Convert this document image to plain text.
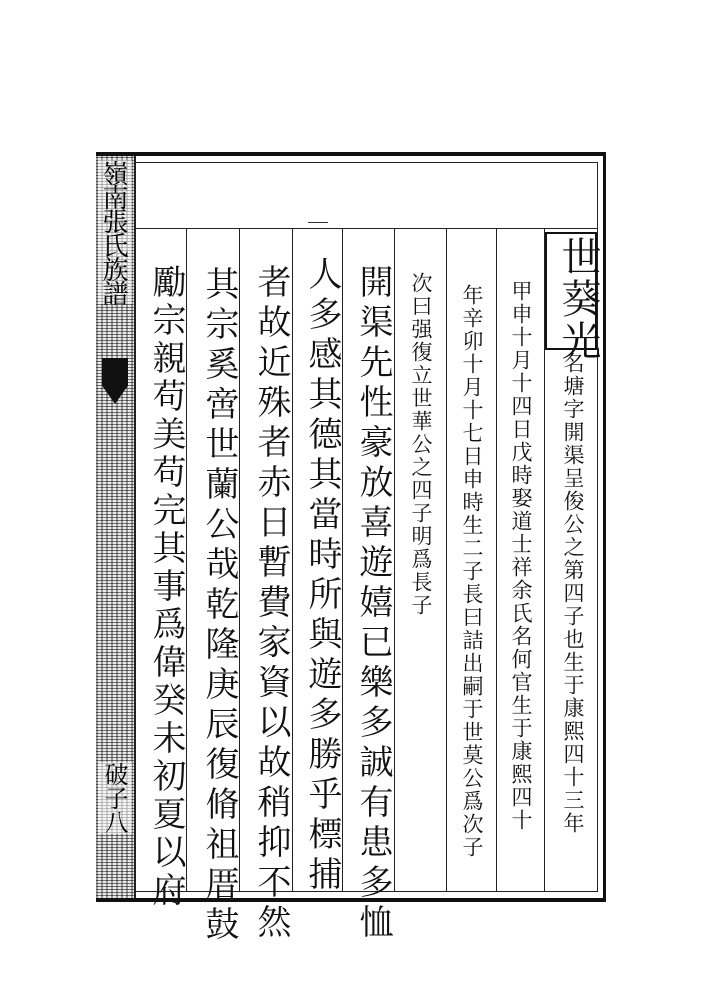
嶺南張氏族譜
破子八
世葵光
名塘字開渠呈俊公之第四子也生于康熙四十三年
甲申十月十四日戊時娶道士祥余氏名何官生于康熙四十
年辛卯十月十七日申時生二子長曰詰出嗣于世莫公爲次子
次曰强復立世華公之四子明爲長子
開渠先性豪放喜遊嬉已樂多誠有患多恤
人多感其德其當時所與遊多勝乎標捕
者故近殊者赤日暫費家資以故稍抑不然
其宗奚啻世蘭公哉乾隆庚辰復脩祖厝鼓
勵宗親苟美苟完其事爲偉癸未初夏以府
